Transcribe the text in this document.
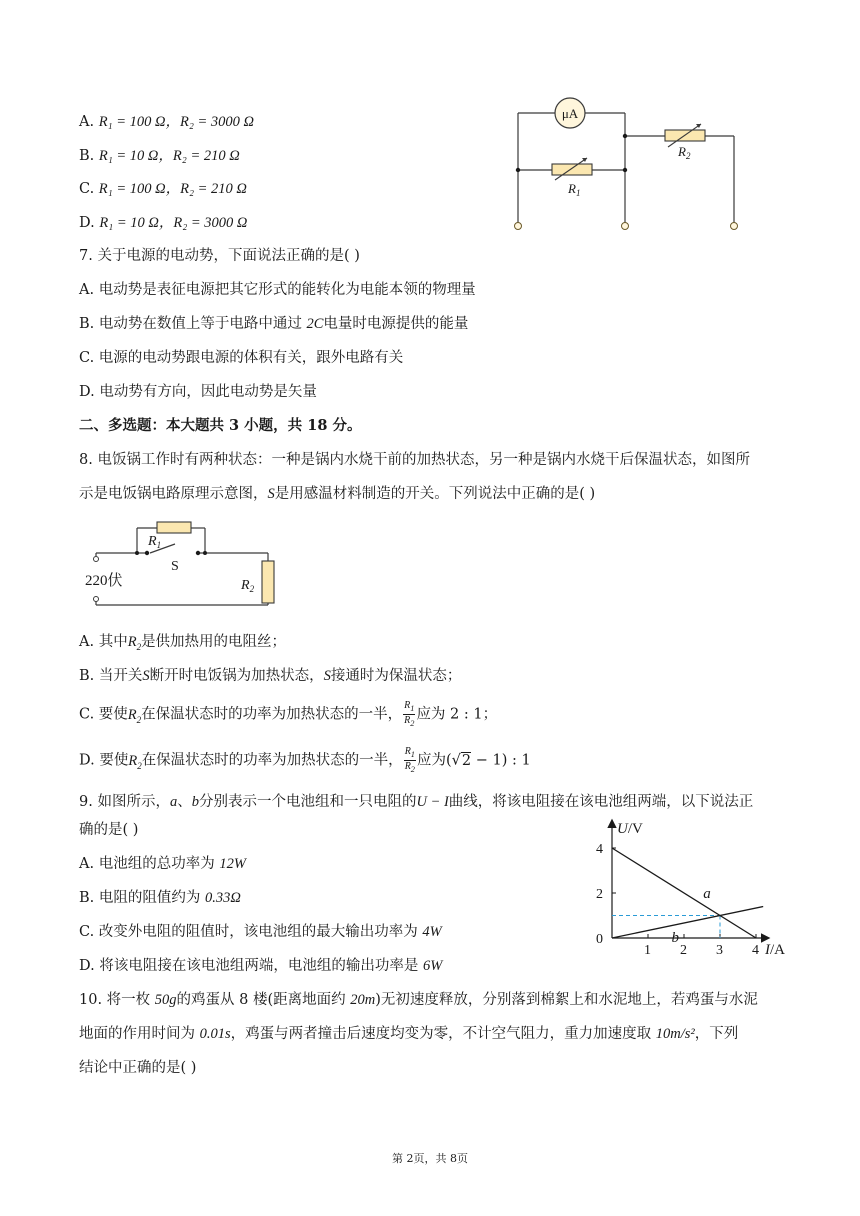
A. R₁ = 100 Ω，R₂ = 3000 Ω
B. R₁ = 10 Ω，R₂ = 210 Ω
C. R₁ = 100 Ω，R₂ = 210 Ω
D. R₁ = 10 Ω，R₂ = 3000 Ω
μA
$R_1$
$R_2$
7. 关于电源的电动势，下面说法正确的是( )
A. 电动势是表征电源把其它形式的能转化为电能本领的物理量
B. 电动势在数值上等于电路中通过 2C电量时电源提供的能量
C. 电源的电动势跟电源的体积有关，跟外电路有关
D. 电动势有方向，因此电动势是矢量
二、多选题：本大题共 3 小题，共 18 分。
8. 电饭锅工作时有两种状态：一种是锅内水烧干前的加热状态，另一种是锅内水烧干后保温状态，如图所
示是电饭锅电路原理示意图，S是用感温材料制造的开关。下列说法中正确的是( )
$R_1$
S
220伏	$R_2$
A. 其中$R_2$是供加热用的电阻丝；
B. 当开关S断开时电饭锅为加热状态，S接通时为保温状态；
C. 要使$R_2$在保温状态时的功率为加热状态的一半， $\frac{R_1}{R_2}$ 应为 2 : 1；
D. 要使$R_2$在保温状态时的功率为加热状态的一半， $\frac{R_1}{R_2}$ 应为(√2 − 1) : 1
9. 如图所示，a、b分别表示一个电池组和一只电阻的U − I曲线，将该电阻接在该电池组两端，以下说法正
确的是( )
A. 电池组的总功率为 12W
B. 电阻的阻值约为 0.33Ω
C. 改变外电阻的阻值时，该电池组的最大输出功率为 4W
D. 将该电阻接在该电池组两端，电池组的输出功率是 6W
U/V
I/A
0
1 2 3 4
2
4
a
b
10. 将一枚 50g的鸡蛋从 8 楼(距离地面约 20m)无初速度释放，分别落到棉絮上和水泥地上，若鸡蛋与水泥
地面的作用时间为 0.01s，鸡蛋与两者撞击后速度均变为零，不计空气阻力，重力加速度取 10m/s²，下列
结论中正确的是( )
第 2页，共 8页
